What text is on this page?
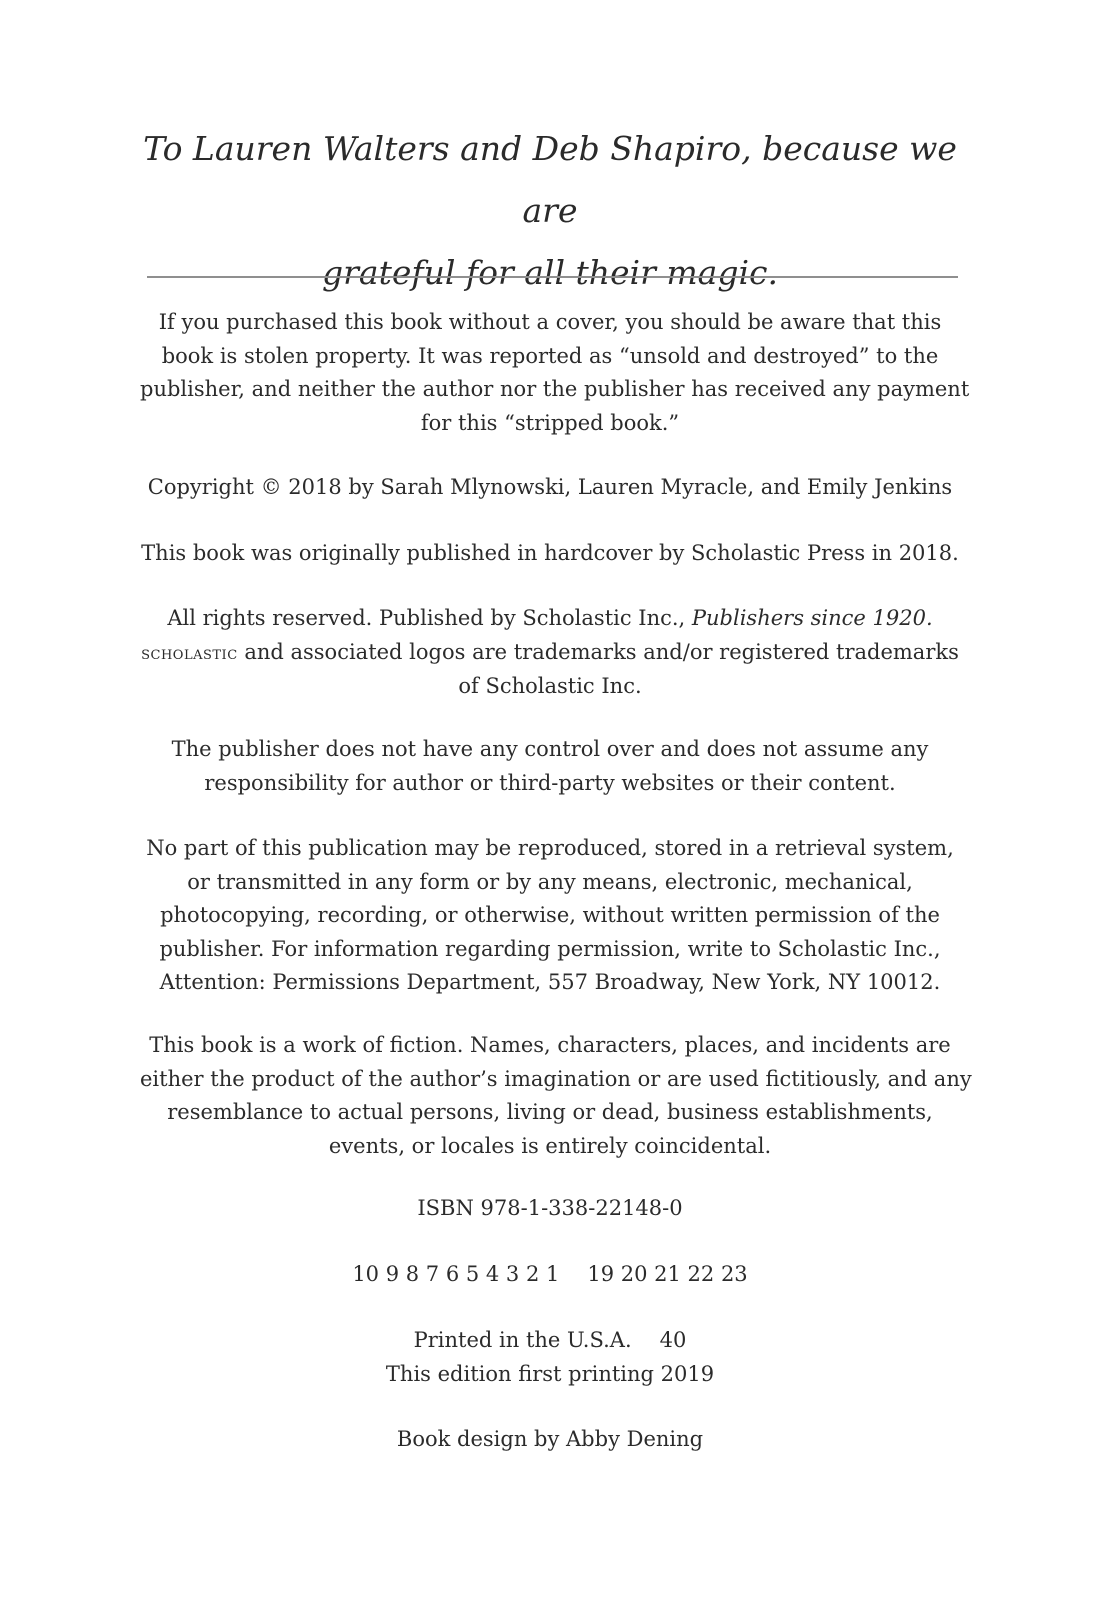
To Lauren Walters and Deb Shapiro, because we are
grateful for all their magic.

If you purchased this book without a cover, you should be aware that this
book is stolen property. It was reported as “unsold and destroyed” to the
publisher, and neither the author nor the publisher has received any payment
for this “stripped book.”

Copyright © 2018 by Sarah Mlynowski, Lauren Myracle, and Emily Jenkins

This book was originally published in hardcover by Scholastic Press in 2018.

All rights reserved. Published by Scholastic Inc., Publishers since 1920.
scholastic and associated logos are trademarks and/or registered trademarks
of Scholastic Inc.

The publisher does not have any control over and does not assume any
responsibility for author or third-party websites or their content.

No part of this publication may be reproduced, stored in a retrieval system,
or transmitted in any form or by any means, electronic, mechanical,
photocopying, recording, or otherwise, without written permission of the
publisher. For information regarding permission, write to Scholastic Inc.,
Attention: Permissions Department, 557 Broadway, New York, NY 10012.

This book is a work of fiction. Names, characters, places, and incidents are
either the product of the author’s imagination or are used fictitiously, and any
resemblance to actual persons, living or dead, business establishments,
events, or locales is entirely coincidental.

ISBN 978-1-338-22148-0

10 9 8 7 6 5 4 3 2 1 19 20 21 22 23

Printed in the U.S.A. 40
This edition first printing 2019

Book design by Abby Dening
